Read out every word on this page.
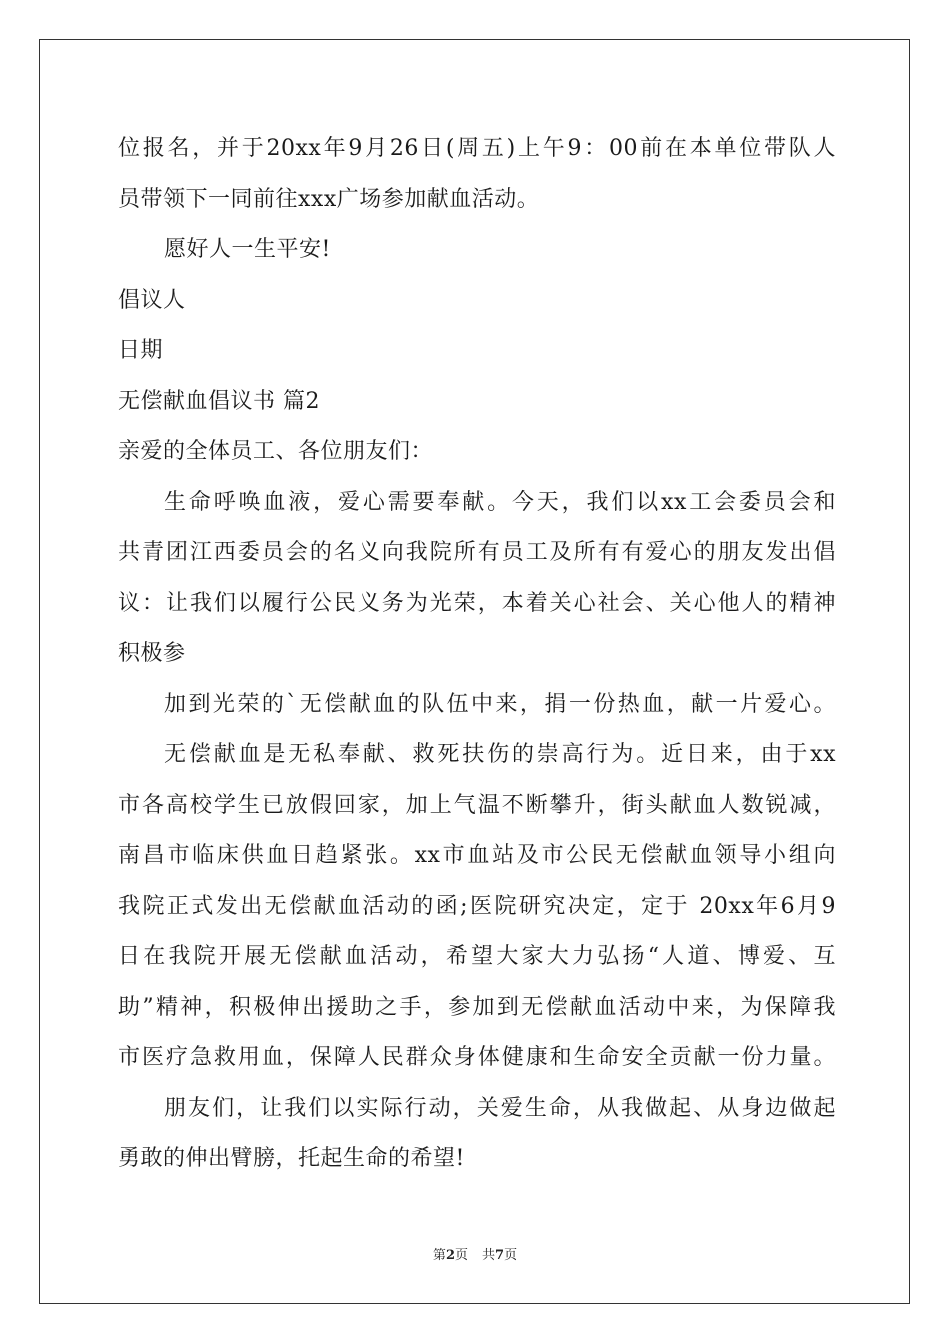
位报名，并于20xx年9月26日(周五)上午9：00前在本单位带队人
员带领下一同前往xxx广场参加献血活动。
愿好人一生平安!
倡议人
日期
无偿献血倡议书 篇2
亲爱的全体员工、各位朋友们：
生命呼唤血液，爱心需要奉献。今天，我们以xx工会委员会和
共青团江西委员会的名义向我院所有员工及所有有爱心的朋友发出倡
议：让我们以履行公民义务为光荣，本着关心社会、关心他人的精神
积极参
加到光荣的`无偿献血的队伍中来，捐一份热血，献一片爱心。
无偿献血是无私奉献、救死扶伤的崇高行为。近日来，由于xx
市各高校学生已放假回家，加上气温不断攀升，街头献血人数锐减，
南昌市临床供血日趋紧张。xx市血站及市公民无偿献血领导小组向
我院正式发出无偿献血活动的函;医院研究决定，定于 20xx年6月9
日在我院开展无偿献血活动，希望大家大力弘扬“人道、博爱、互
助”精神，积极伸出援助之手，参加到无偿献血活动中来，为保障我
市医疗急救用血，保障人民群众身体健康和生命安全贡献一份力量。
朋友们，让我们以实际行动，关爱生命，从我做起、从身边做起
勇敢的伸出臂膀，托起生命的希望!
第2页 共7页
